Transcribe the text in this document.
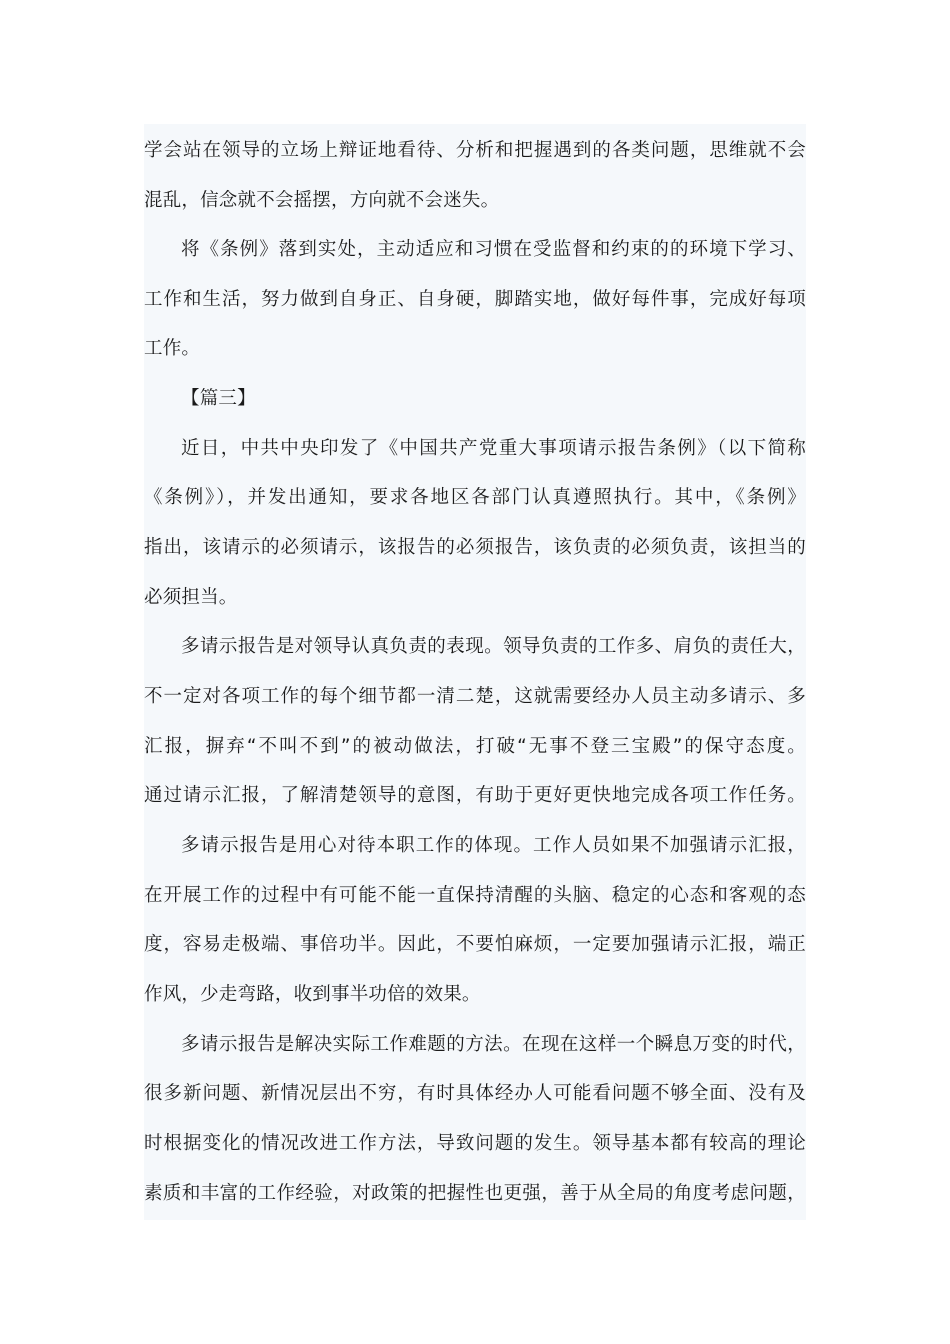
学会站在领导的立场上辩证地看待、分析和把握遇到的各类问题，思维就不会
混乱，信念就不会摇摆，方向就不会迷失。
将《条例》落到实处，主动适应和习惯在受监督和约束的的环境下学习、
工作和生活，努力做到自身正、自身硬，脚踏实地，做好每件事，完成好每项
工作。
【篇三】
近日，中共中央印发了《中国共产党重大事项请示报告条例》（以下简称
《条例》），并发出通知，要求各地区各部门认真遵照执行。其中，《条例》
指出，该请示的必须请示，该报告的必须报告，该负责的必须负责，该担当的
必须担当。
多请示报告是对领导认真负责的表现。领导负责的工作多、肩负的责任大，
不一定对各项工作的每个细节都一清二楚，这就需要经办人员主动多请示、多
汇报，摒弃“不叫不到”的被动做法，打破“无事不登三宝殿”的保守态度。
通过请示汇报，了解清楚领导的意图，有助于更好更快地完成各项工作任务。
多请示报告是用心对待本职工作的体现。工作人员如果不加强请示汇报，
在开展工作的过程中有可能不能一直保持清醒的头脑、稳定的心态和客观的态
度，容易走极端、事倍功半。因此，不要怕麻烦，一定要加强请示汇报，端正
作风，少走弯路，收到事半功倍的效果。
多请示报告是解决实际工作难题的方法。在现在这样一个瞬息万变的时代，
很多新问题、新情况层出不穷，有时具体经办人可能看问题不够全面、没有及
时根据变化的情况改进工作方法，导致问题的发生。领导基本都有较高的理论
素质和丰富的工作经验，对政策的把握性也更强，善于从全局的角度考虑问题，
